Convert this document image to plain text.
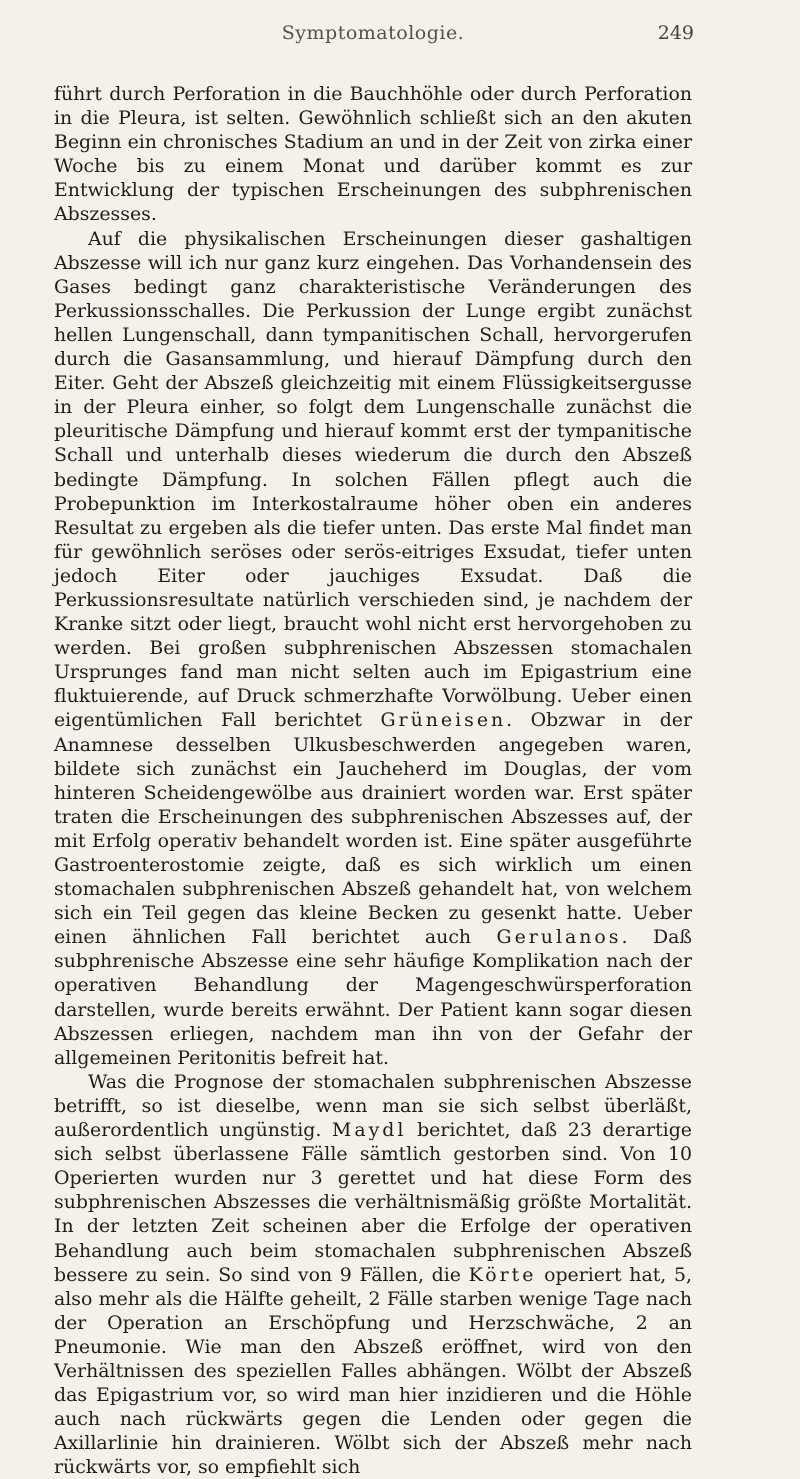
Symptomatologie.	249

führt durch Perforation in die Bauchhöhle oder durch Perforation in die Pleura, ist selten. Gewöhnlich schließt sich an den akuten Beginn ein chronisches Stadium an und in der Zeit von zirka einer Woche bis zu einem Monat und darüber kommt es zur Entwicklung der typischen Erscheinungen des subphrenischen Abszesses.

Auf die physikalischen Erscheinungen dieser gashaltigen Abszesse will ich nur ganz kurz eingehen. Das Vorhandensein des Gases bedingt ganz charakteristische Veränderungen des Perkussionsschalles. Die Perkussion der Lunge ergibt zunächst hellen Lungenschall, dann tympanitischen Schall, hervorgerufen durch die Gasansammlung, und hierauf Dämpfung durch den Eiter. Geht der Abszeß gleichzeitig mit einem Flüssigkeitsergusse in der Pleura einher, so folgt dem Lungenschalle zunächst die pleuritische Dämpfung und hierauf kommt erst der tympanitische Schall und unterhalb dieses wiederum die durch den Abszeß bedingte Dämpfung. In solchen Fällen pflegt auch die Probepunktion im Interkostalraume höher oben ein anderes Resultat zu ergeben als die tiefer unten. Das erste Mal findet man für gewöhnlich seröses oder serös-eitriges Exsudat, tiefer unten jedoch Eiter oder jauchiges Exsudat. Daß die Perkussionsresultate natürlich verschieden sind, je nachdem der Kranke sitzt oder liegt, braucht wohl nicht erst hervorgehoben zu werden. Bei großen subphrenischen Abszessen stomachalen Ursprunges fand man nicht selten auch im Epigastrium eine fluktuierende, auf Druck schmerzhafte Vorwölbung. Ueber einen eigentümlichen Fall berichtet Grüneisen. Obzwar in der Anamnese desselben Ulkusbeschwerden angegeben waren, bildete sich zunächst ein Jaucheherd im Douglas, der vom hinteren Scheidengewölbe aus drainiert worden war. Erst später traten die Erscheinungen des subphrenischen Abszesses auf, der mit Erfolg operativ behandelt worden ist. Eine später ausgeführte Gastroenterostomie zeigte, daß es sich wirklich um einen stomachalen subphrenischen Abszeß gehandelt hat, von welchem sich ein Teil gegen das kleine Becken zu gesenkt hatte. Ueber einen ähnlichen Fall berichtet auch Gerulanos. Daß subphrenische Abszesse eine sehr häufige Komplikation nach der operativen Behandlung der Magengeschwürsperforation darstellen, wurde bereits erwähnt. Der Patient kann sogar diesen Abszessen erliegen, nachdem man ihn von der Gefahr der allgemeinen Peritonitis befreit hat.

Was die Prognose der stomachalen subphrenischen Abszesse betrifft, so ist dieselbe, wenn man sie sich selbst überläßt, außerordentlich ungünstig. Maydl berichtet, daß 23 derartige sich selbst überlassene Fälle sämtlich gestorben sind. Von 10 Operierten wurden nur 3 gerettet und hat diese Form des subphrenischen Abszesses die verhältnismäßig größte Mortalität. In der letzten Zeit scheinen aber die Erfolge der operativen Behandlung auch beim stomachalen subphrenischen Abszeß bessere zu sein. So sind von 9 Fällen, die Körte operiert hat, 5, also mehr als die Hälfte geheilt, 2 Fälle starben wenige Tage nach der Operation an Erschöpfung und Herzschwäche, 2 an Pneumonie. Wie man den Abszeß eröffnet, wird von den Verhältnissen des speziellen Falles abhängen. Wölbt der Abszeß das Epigastrium vor, so wird man hier inzidieren und die Höhle auch nach rückwärts gegen die Lenden oder gegen die Axillarlinie hin drainieren. Wölbt sich der Abszeß mehr nach rückwärts vor, so empfiehlt sich
